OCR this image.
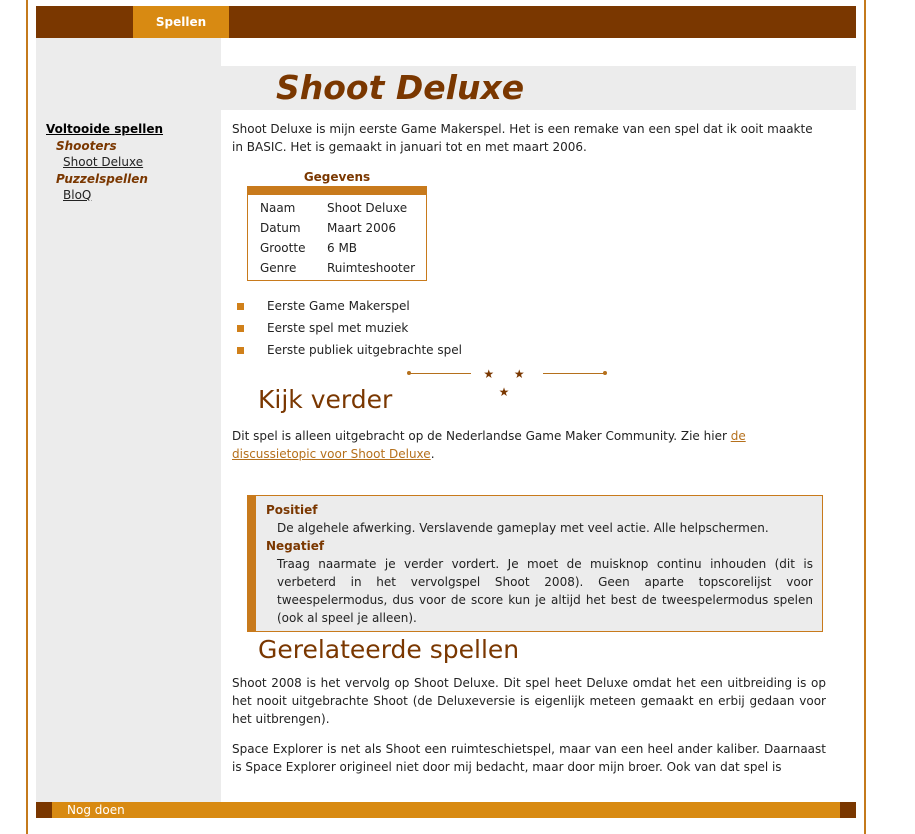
Spellen
Voltooide spellen
Shooters
Shoot Deluxe
Puzzelspellen
BloQ
Shoot Deluxe

Shoot Deluxe is mijn eerste Game Makerspel. Het is een remake van een spel dat ik ooit maakte in BASIC. Het is gemaakt in januari tot en met maart 2006.

Gegevens
Naam	Shoot Deluxe
Datum	Maart 2006
Grootte	6 MB
Genre	Ruimteshooter
Eerste Game Makerspel
Eerste spel met muziek
Eerste publiek uitgebrachte spel
★ ★ ★
Kijk verder

Dit spel is alleen uitgebracht op de Nederlandse Game Maker Community. Zie hier de discussietopic voor Shoot Deluxe.

Positief
De algehele afwerking. Verslavende gameplay met veel actie. Alle helpschermen.
Negatief
Traag naarmate je verder vordert. Je moet de muisknop continu inhouden (dit is verbeterd in het vervolgspel Shoot 2008). Geen aparte topscorelijst voor tweespelermodus, dus voor de score kun je altijd het best de tweespelermodus spelen (ook al speel je alleen).
Gerelateerde spellen

Shoot 2008 is het vervolg op Shoot Deluxe. Dit spel heet Deluxe omdat het een uitbreiding is op het nooit uitgebrachte Shoot (de Deluxeversie is eigenlijk meteen gemaakt en erbij gedaan voor het uitbrengen).

Space Explorer is net als Shoot een ruimteschietspel, maar van een heel ander kaliber. Daarnaast is Space Explorer origineel niet door mij bedacht, maar door mijn broer. Ook van dat spel is

Nog doen
